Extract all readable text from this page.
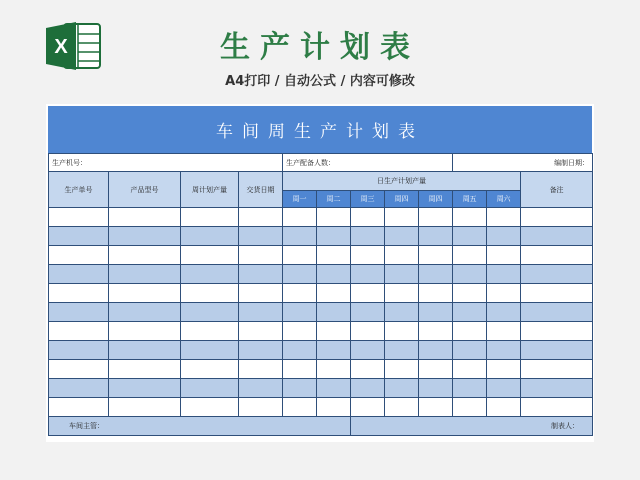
X	生产计划表
A4打印 / 自动公式 / 内容可修改
车间周生产计划表
生产机号：				生产配备人数：					编制日期：		
生产单号	产品型号	周计划产量	交货日期	日生产计划产量							备注
				周一	周二	周三	周四	周四	周五	周六	

车间主管：						制表人：					
